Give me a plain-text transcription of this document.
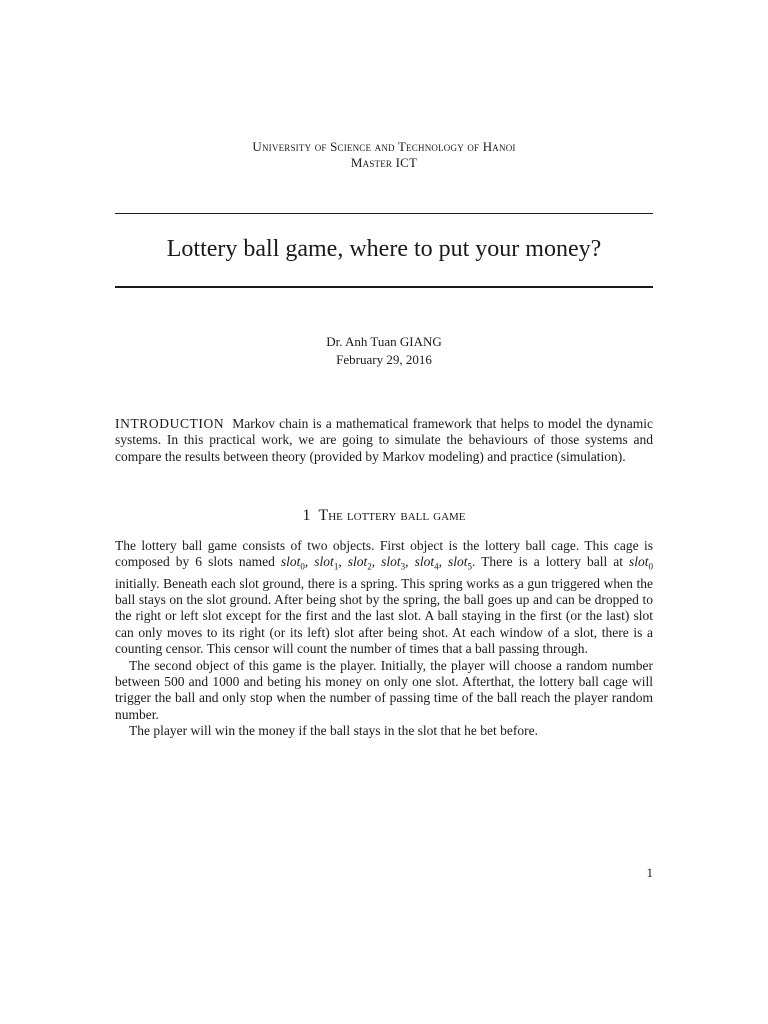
University of Science and Technology of Hanoi
Master ICT
Lottery ball game, where to put your money?
Dr. Anh Tuan GIANG
February 29, 2016
INTRODUCTION Markov chain is a mathematical framework that helps to model the dynamic systems. In this practical work, we are going to simulate the behaviours of those systems and compare the results between theory (provided by Markov modeling) and practice (simulation).
1 The lottery ball game

The lottery ball game consists of two objects. First object is the lottery ball cage. This cage is composed by 6 slots named slot$_0$, slot$_1$, slot$_2$, slot$_3$, slot$_4$, slot$_5$. There is a lottery ball at slot$_0$ initially. Beneath each slot ground, there is a spring. This spring works as a gun triggered when the ball stays on the slot ground. After being shot by the spring, the ball goes up and can be dropped to the right or left slot except for the first and the last slot. A ball staying in the first (or the last) slot can only moves to its right (or its left) slot after being shot. At each window of a slot, there is a counting censor. This censor will count the number of times that a ball passing through.

The second object of this game is the player. Initially, the player will choose a random number between 500 and 1000 and beting his money on only one slot. Afterthat, the lottery ball cage will trigger the ball and only stop when the number of passing time of the ball reach the player random number.

The player will win the money if the ball stays in the slot that he bet before.

1
